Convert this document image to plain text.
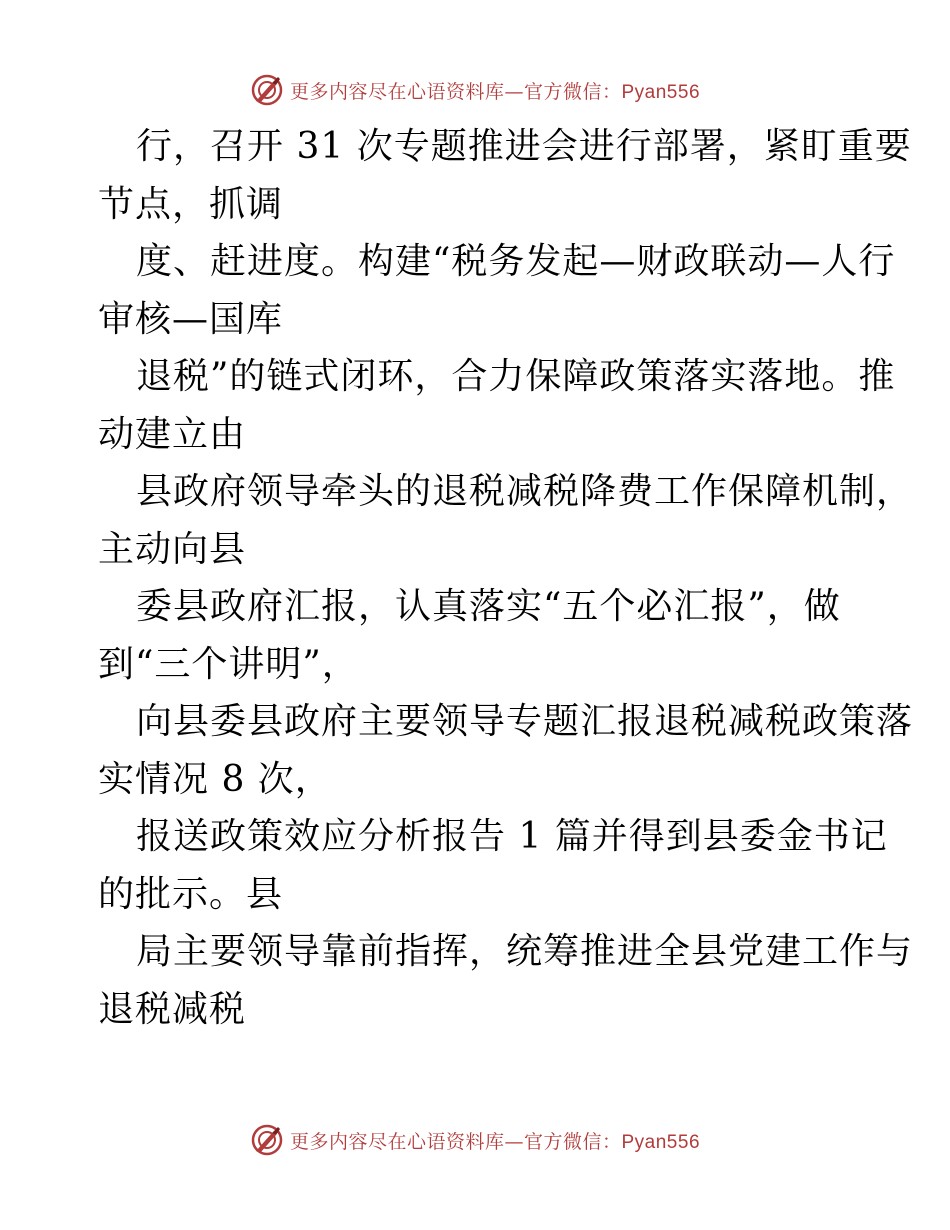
更多内容尽在心语资料库—官方微信：Pyan556
行，召开 31 次专题推进会进行部署，紧盯重要
节点，抓调
度、赶进度。构建“税务发起—财政联动—人行
审核—国库
退税”的链式闭环，合力保障政策落实落地。推
动建立由
县政府领导牵头的退税减税降费工作保障机制，
主动向县
委县政府汇报，认真落实“五个必汇报”，做
到“三个讲明”，
向县委县政府主要领导专题汇报退税减税政策落
实情况 8 次，
报送政策效应分析报告 1 篇并得到县委金书记
的批示。县
局主要领导靠前指挥，统筹推进全县党建工作与
退税减税
更多内容尽在心语资料库—官方微信：Pyan556
